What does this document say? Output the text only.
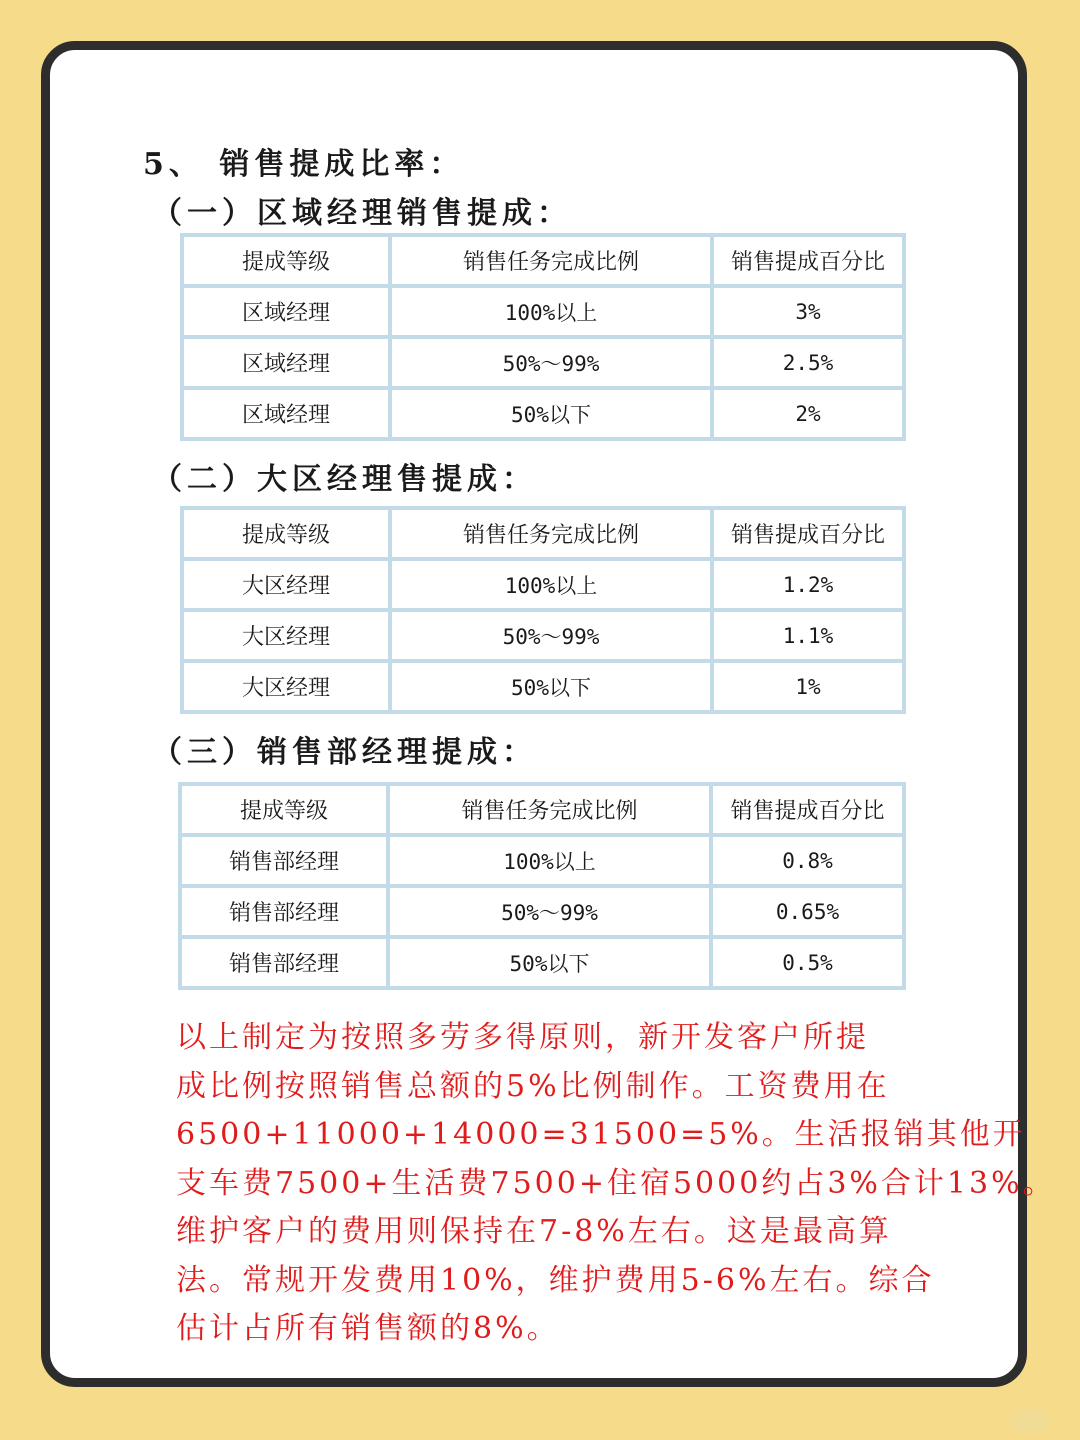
5、 销售提成比率：
（一）区域经理销售提成：
提成等级	销售任务完成比例	销售提成百分比
区域经理	100%以上	3%
区域经理	50%～99%	2.5%
区域经理	50%以下	2%
（二）大区经理售提成：
提成等级	销售任务完成比例	销售提成百分比
大区经理	100%以上	1.2%
大区经理	50%～99%	1.1%
大区经理	50%以下	1%
（三）销售部经理提成：
提成等级	销售任务完成比例	销售提成百分比
销售部经理	100%以上	0.8%
销售部经理	50%～99%	0.65%
销售部经理	50%以下	0.5%

以上制定为按照多劳多得原则，新开发客户所提
成比例按照销售总额的5%比例制作。工资费用在
6500+11000+14000=31500=5%。生活报销其他开
支车费7500+生活费7500+住宿5000约占3%合计13%。
维护客户的费用则保持在7-8%左右。这是最高算
法。常规开发费用10%，维护费用5-6%左右。综合
估计占所有销售额的8%。
